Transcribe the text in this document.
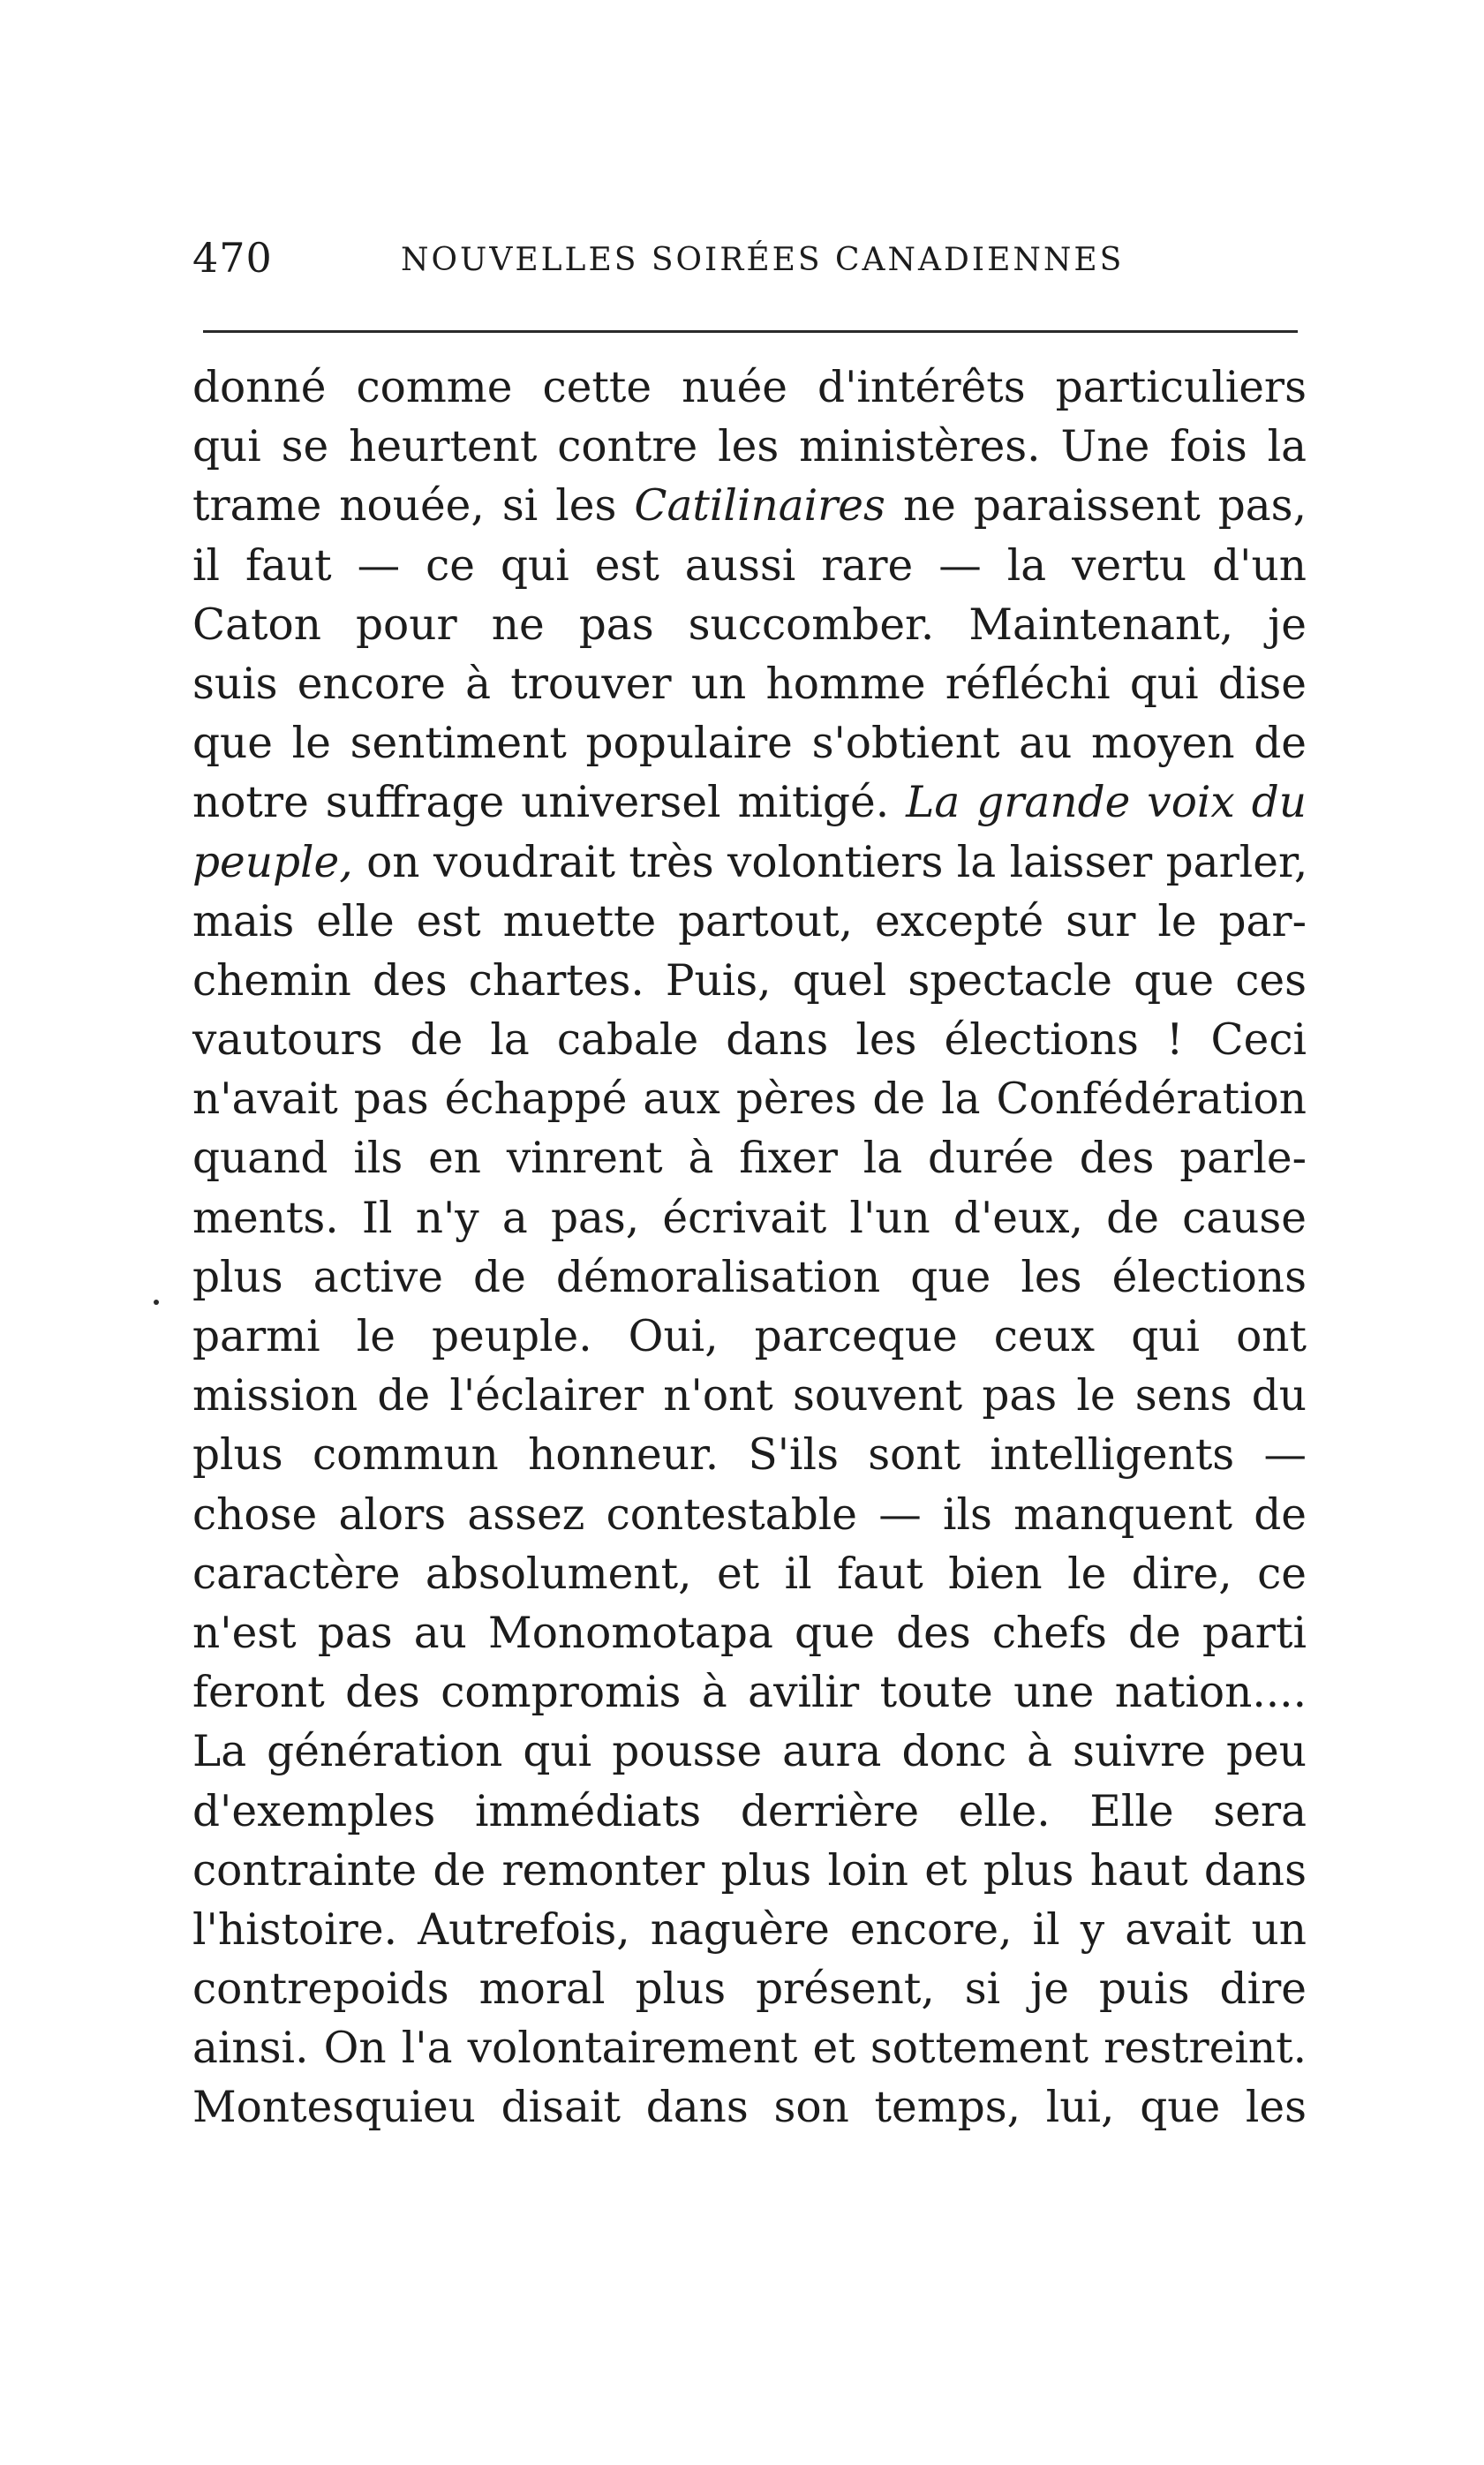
470	NOUVELLES SOIRÉES CANADIENNES
donné comme cette nuée d'intérêts particuliers
qui se heurtent contre les ministères. Une fois la
trame nouée, si les Catilinaires ne paraissent pas,
il faut — ce qui est aussi rare — la vertu d'un
Caton pour ne pas succomber. Maintenant, je
suis encore à trouver un homme réfléchi qui dise
que le sentiment populaire s'obtient au moyen de
notre suffrage universel mitigé. La grande voix du
peuple, on voudrait très volontiers la laisser parler,
mais elle est muette partout, excepté sur le par-
chemin des chartes. Puis, quel spectacle que ces
vautours de la cabale dans les élections ! Ceci
n'avait pas échappé aux pères de la Confédération
quand ils en vinrent à fixer la durée des parle-
ments. Il n'y a pas, écrivait l'un d'eux, de cause
plus active de démoralisation que les élections
parmi le peuple. Oui, parceque ceux qui ont
mission de l'éclairer n'ont souvent pas le sens du
plus commun honneur. S'ils sont intelligents —
chose alors assez contestable — ils manquent de
caractère absolument, et il faut bien le dire, ce
n'est pas au Monomotapa que des chefs de parti
feront des compromis à avilir toute une nation....
La génération qui pousse aura donc à suivre peu
d'exemples immédiats derrière elle. Elle sera
contrainte de remonter plus loin et plus haut dans
l'histoire. Autrefois, naguère encore, il y avait un
contrepoids moral plus présent, si je puis dire
ainsi. On l'a volontairement et sottement restreint.
Montesquieu disait dans son temps, lui, que les
